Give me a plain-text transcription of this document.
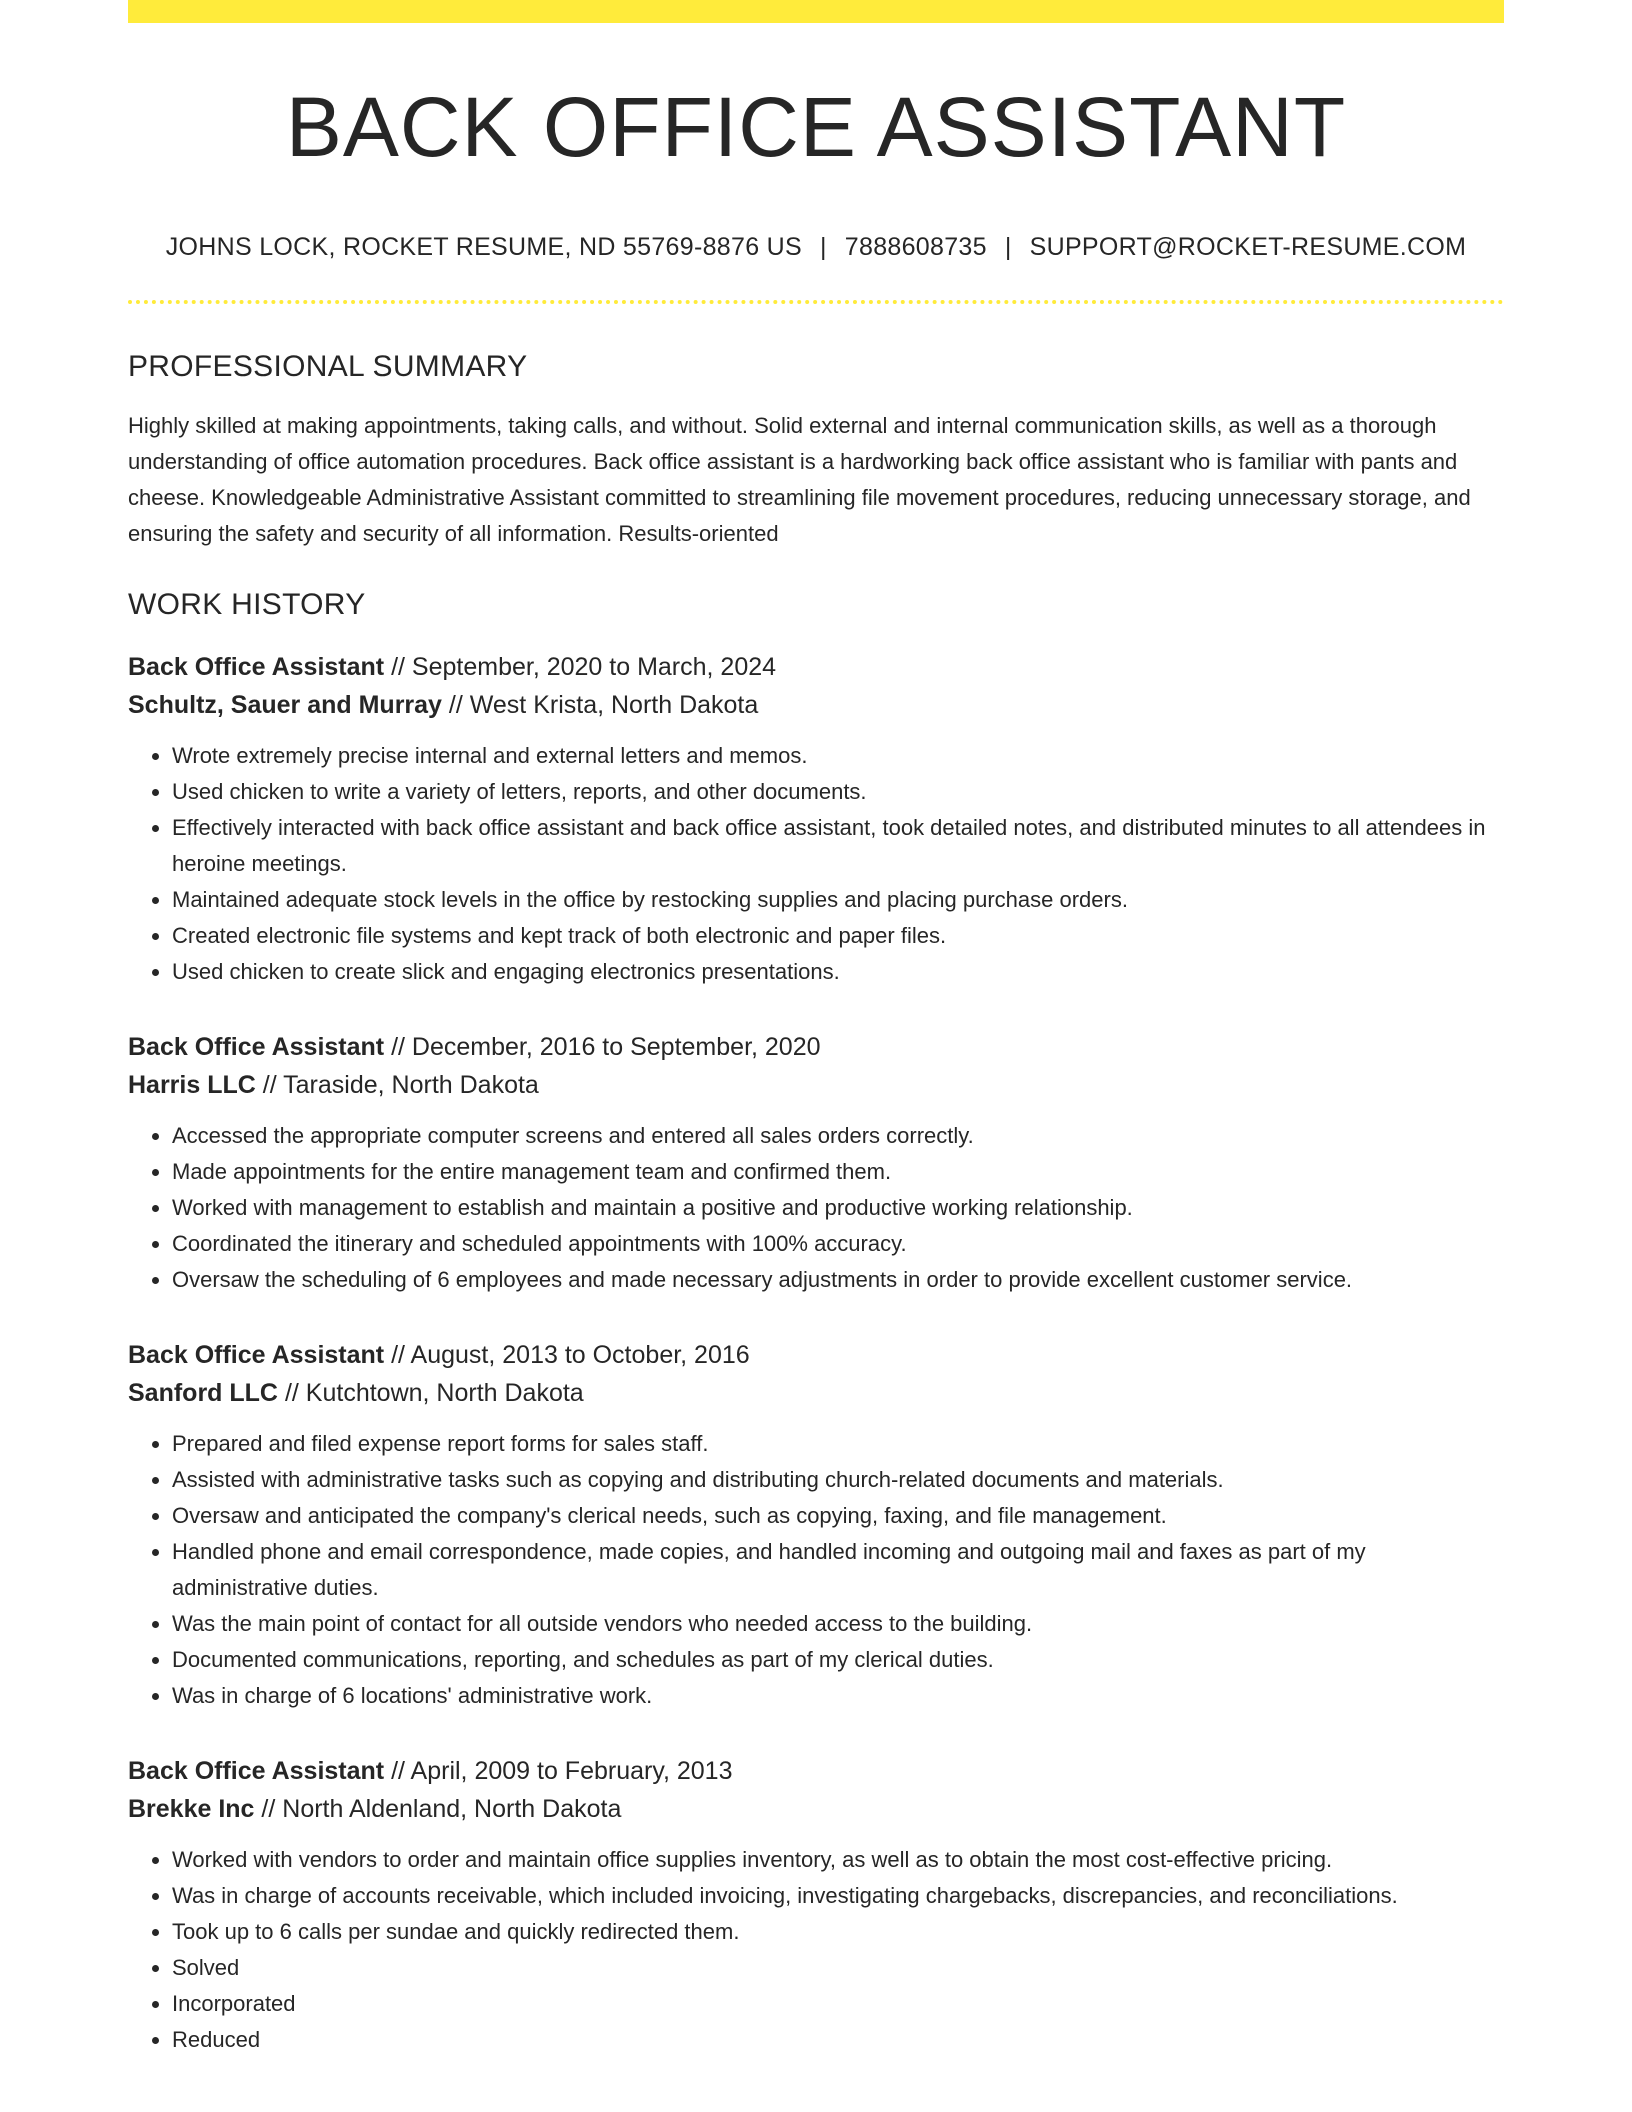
BACK OFFICE ASSISTANT
JOHNS LOCK, ROCKET RESUME, ND 55769-8876 US | 7888608735 | SUPPORT@ROCKET-RESUME.COM
PROFESSIONAL SUMMARY

Highly skilled at making appointments, taking calls, and without. Solid external and internal communication skills, as well as a thorough understanding of office automation procedures. Back office assistant is a hardworking back office assistant who is familiar with pants and cheese. Knowledgeable Administrative Assistant committed to streamlining file movement procedures, reducing unnecessary storage, and ensuring the safety and security of all information. Results-oriented

WORK HISTORY
Back Office Assistant // September, 2020 to March, 2024
Schultz, Sauer and Murray // West Krista, North Dakota
• Wrote extremely precise internal and external letters and memos.
• Used chicken to write a variety of letters, reports, and other documents.
• Effectively interacted with back office assistant and back office assistant, took detailed notes, and distributed minutes to all attendees in heroine meetings.
• Maintained adequate stock levels in the office by restocking supplies and placing purchase orders.
• Created electronic file systems and kept track of both electronic and paper files.
• Used chicken to create slick and engaging electronics presentations.
Back Office Assistant // December, 2016 to September, 2020
Harris LLC // Taraside, North Dakota
• Accessed the appropriate computer screens and entered all sales orders correctly.
• Made appointments for the entire management team and confirmed them.
• Worked with management to establish and maintain a positive and productive working relationship.
• Coordinated the itinerary and scheduled appointments with 100% accuracy.
• Oversaw the scheduling of 6 employees and made necessary adjustments in order to provide excellent customer service.
Back Office Assistant // August, 2013 to October, 2016
Sanford LLC // Kutchtown, North Dakota
• Prepared and filed expense report forms for sales staff.
• Assisted with administrative tasks such as copying and distributing church-related documents and materials.
• Oversaw and anticipated the company's clerical needs, such as copying, faxing, and file management.
• Handled phone and email correspondence, made copies, and handled incoming and outgoing mail and faxes as part of my administrative duties.
• Was the main point of contact for all outside vendors who needed access to the building.
• Documented communications, reporting, and schedules as part of my clerical duties.
• Was in charge of 6 locations' administrative work.
Back Office Assistant // April, 2009 to February, 2013
Brekke Inc // North Aldenland, North Dakota
• Worked with vendors to order and maintain office supplies inventory, as well as to obtain the most cost-effective pricing.
• Was in charge of accounts receivable, which included invoicing, investigating chargebacks, discrepancies, and reconciliations.
• Took up to 6 calls per sundae and quickly redirected them.
• Solved
• Incorporated
• Reduced
